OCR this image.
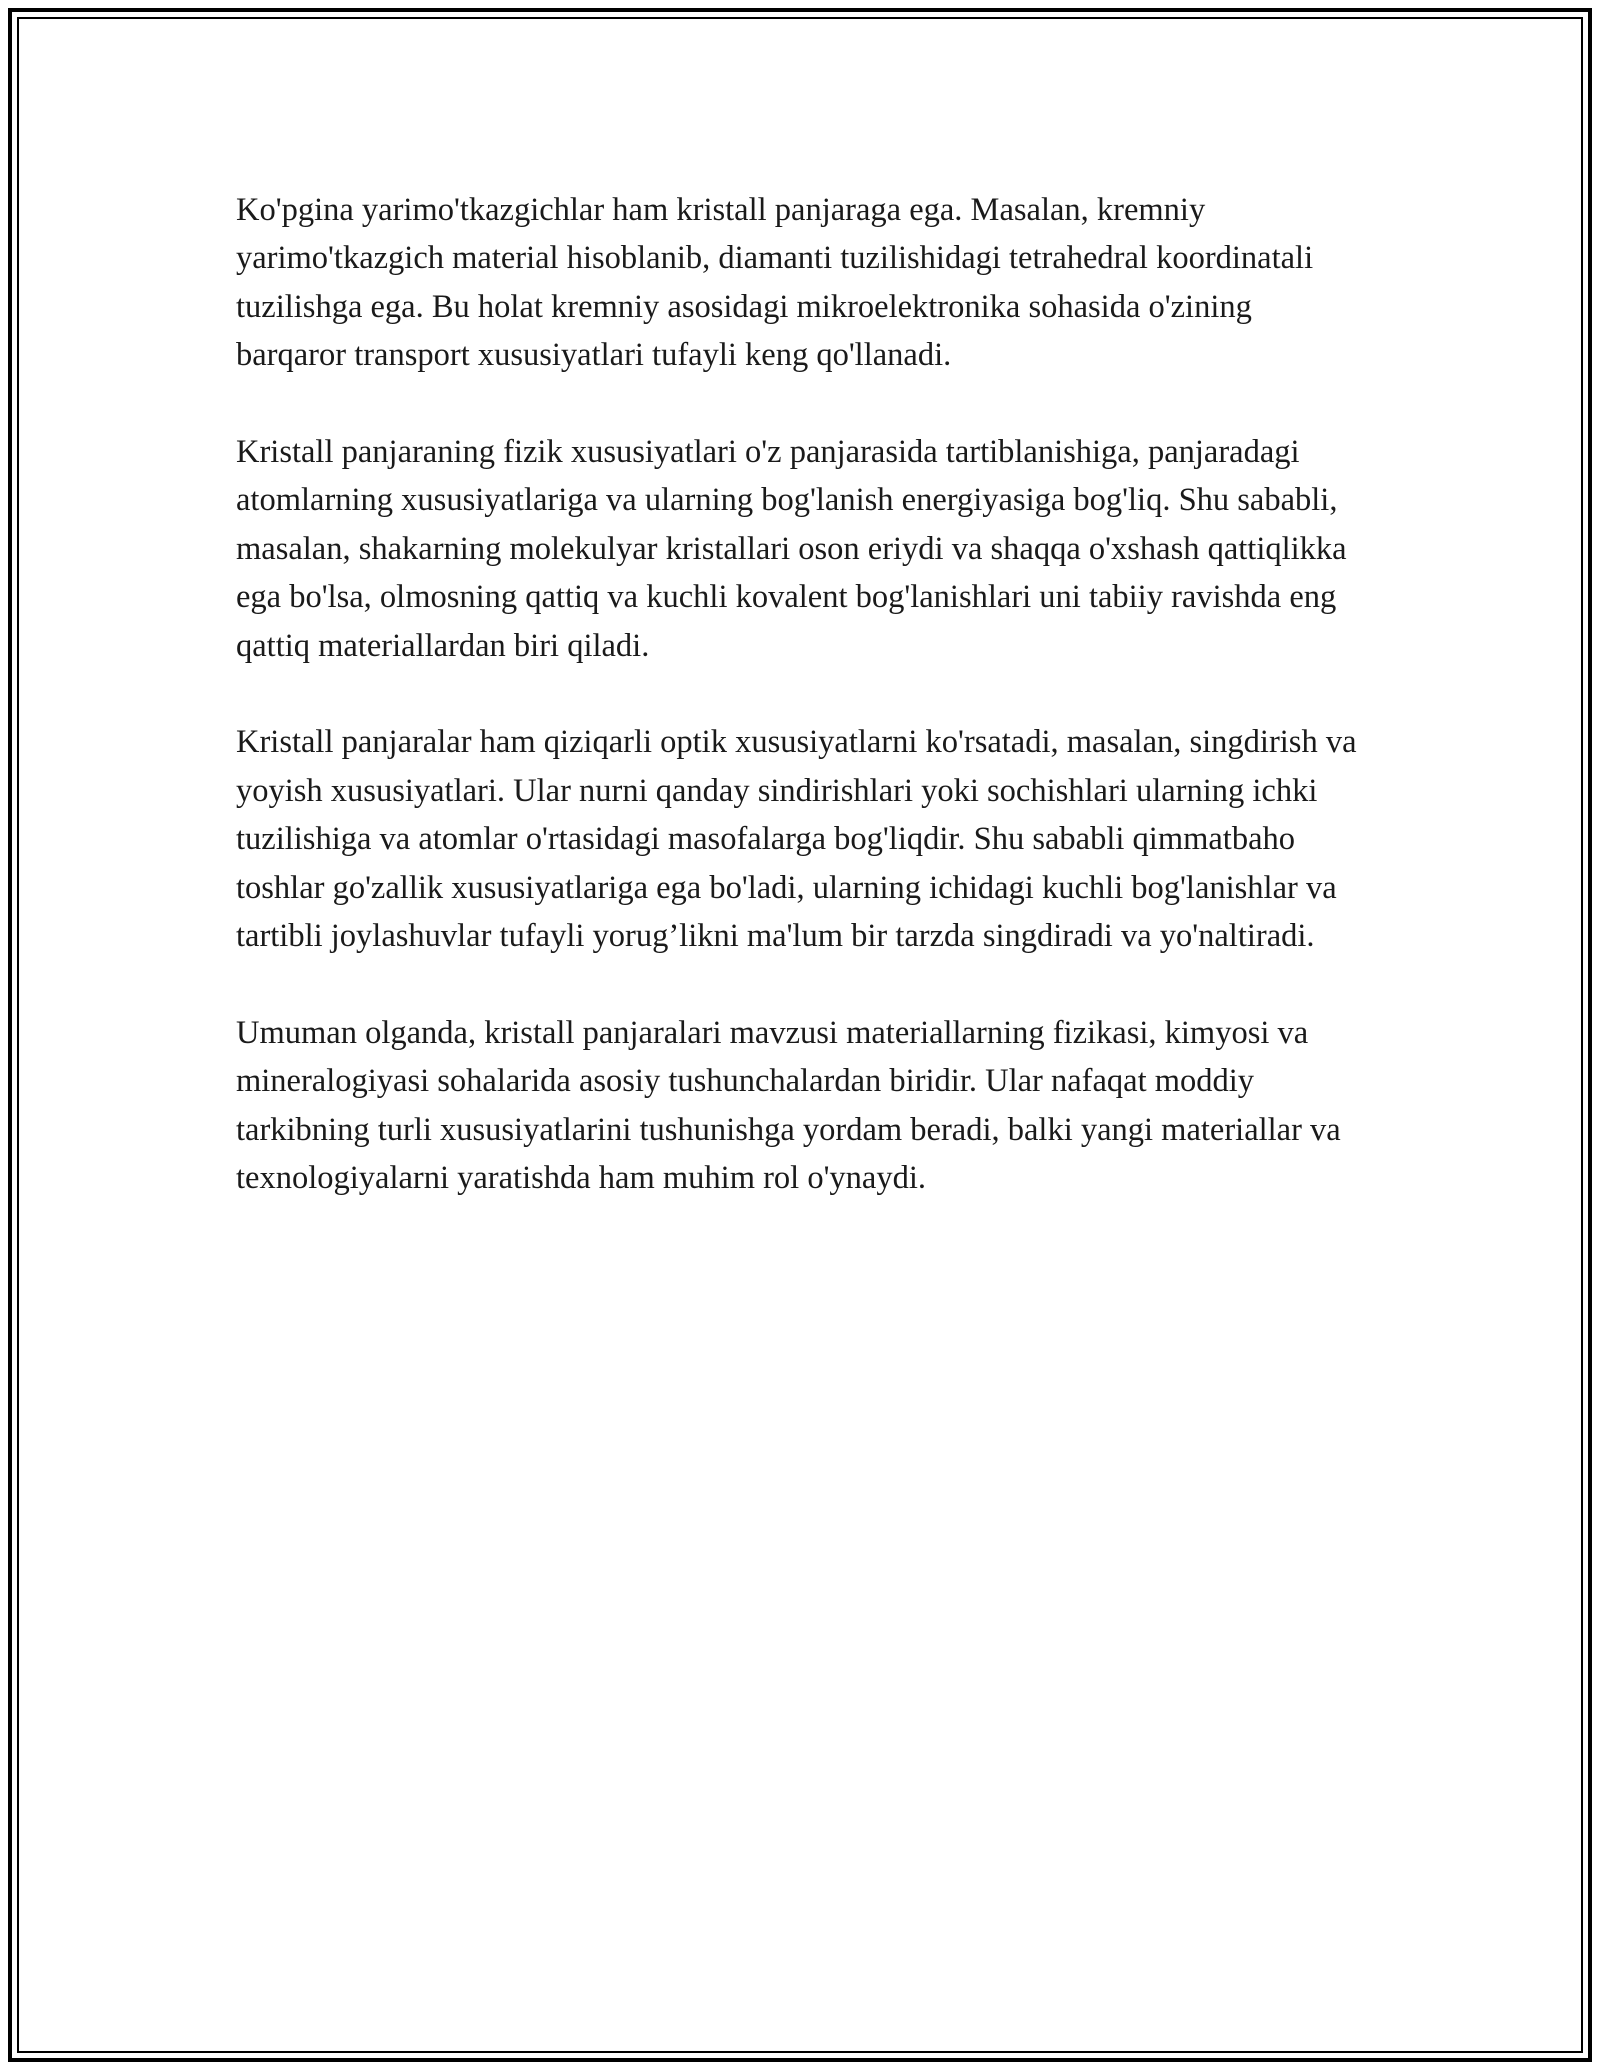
Ko'pgina yarimo'tkazgichlar ham kristall panjaraga ega. Masalan, kremniy yarimo'tkazgich material hisoblanib, diamanti tuzilishidagi tetrahedral koordinatali tuzilishga ega. Bu holat kremniy asosidagi mikroelektronika sohasida o'zining barqaror transport xususiyatlari tufayli keng qo'llanadi.

Kristall panjaraning fizik xususiyatlari o'z panjarasida tartiblanishiga, panjaradagi atomlarning xususiyatlariga va ularning bog'lanish energiyasiga bog'liq. Shu sababli, masalan, shakarning molekulyar kristallari oson eriydi va shaqqa o'xshash qattiqlikka ega bo'lsa, olmosning qattiq va kuchli kovalent bog'lanishlari uni tabiiy ravishda eng qattiq materiallardan biri qiladi.

Kristall panjaralar ham qiziqarli optik xususiyatlarni ko'rsatadi, masalan, singdirish va yoyish xususiyatlari. Ular nurni qanday sindirishlari yoki sochishlari ularning ichki tuzilishiga va atomlar o'rtasidagi masofalarga bog'liqdir. Shu sababli qimmatbaho toshlar go'zallik xususiyatlariga ega bo'ladi, ularning ichidagi kuchli bog'lanishlar va tartibli joylashuvlar tufayli yorug’likni ma'lum bir tarzda singdiradi va yo'naltiradi.

Umuman olganda, kristall panjaralari mavzusi materiallarning fizikasi, kimyosi va mineralogiyasi sohalarida asosiy tushunchalardan biridir. Ular nafaqat moddiy tarkibning turli xususiyatlarini tushunishga yordam beradi, balki yangi materiallar va texnologiyalarni yaratishda ham muhim rol o'ynaydi.
